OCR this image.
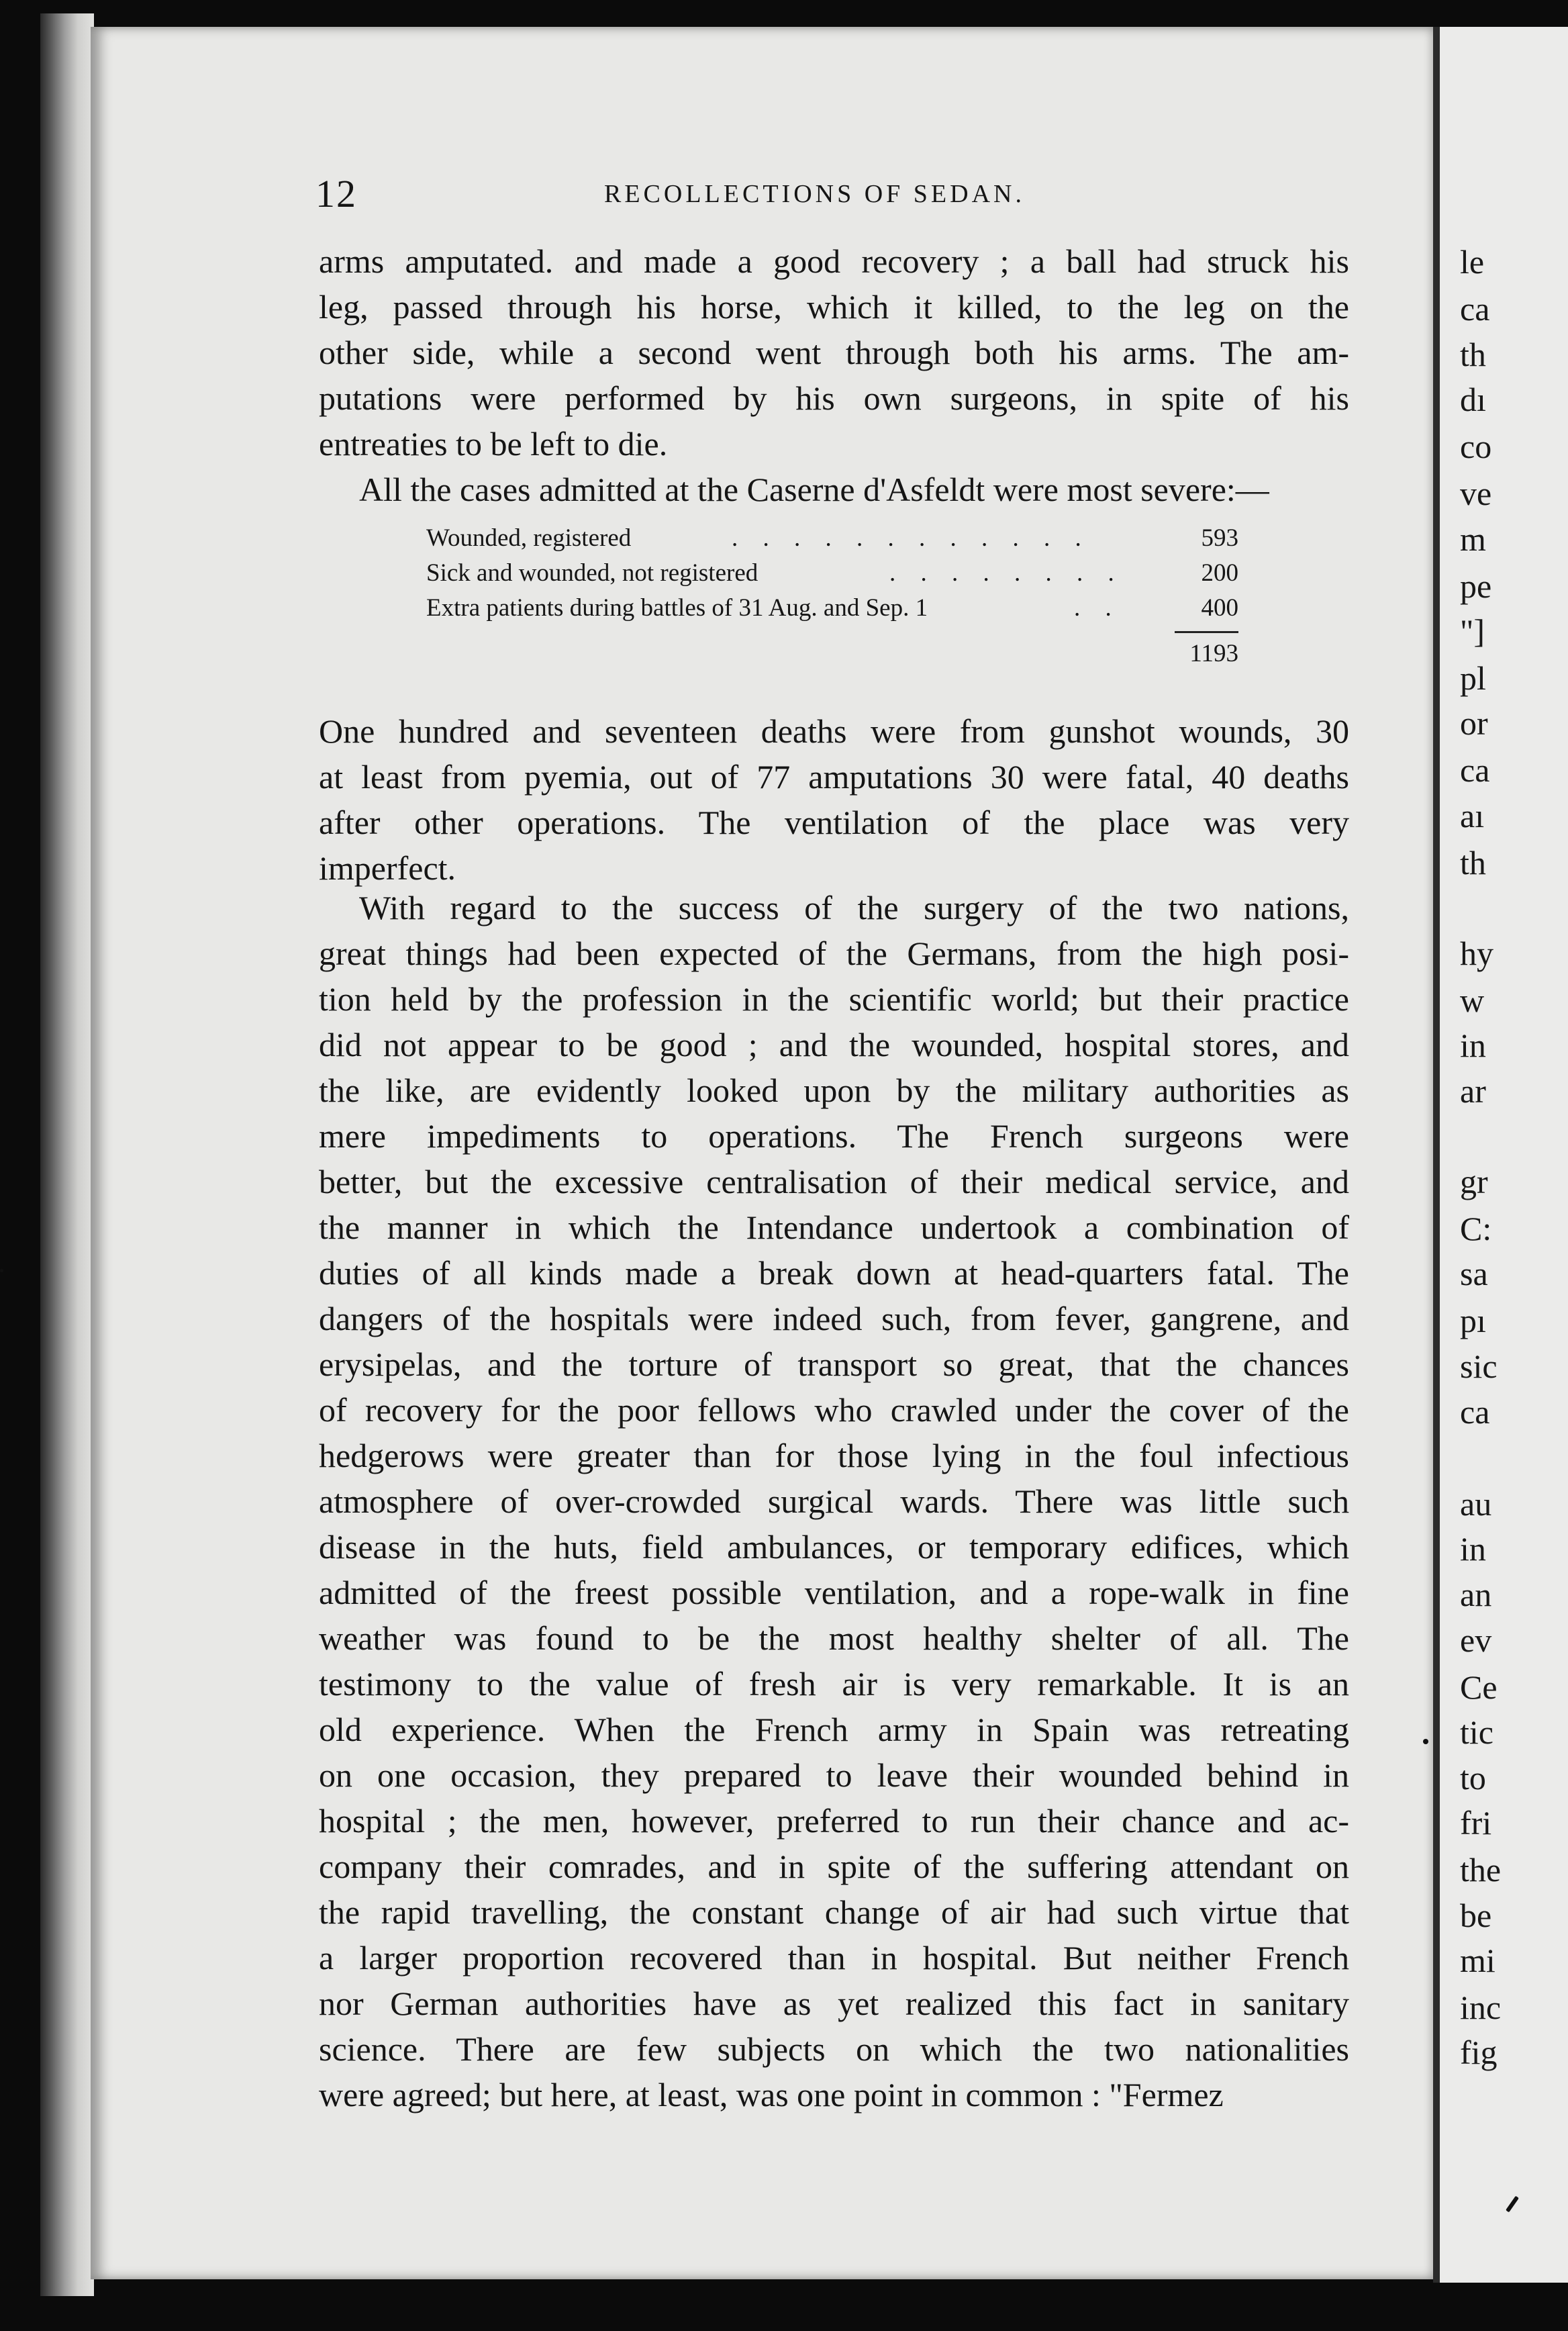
le
ca
th
dı
co
ve
m
pe
"]
pl
or
ca
aı
th
hy
w
in
ar
gr
C:
sa
pı
sic
ca
au
in
an
ev
Ce
tic
to
fri
the
be
mi
inc
fig
12	RECOLLECTIONS OF SEDAN.
arms amputated. and made a good recovery ; a ball had struck his
leg, passed through his horse, which it killed, to the leg on the
other side, while a second went through both his arms. The am-
putations were performed by his own surgeons, in spite of his
entreaties to be left to die.
All the cases admitted at the Caserne d'Asfeldt were most severe:—
Wounded, registered	. . . . . . . . . . . .	593
Sick and wounded, not registered	. . . . . . . .	200
Extra patients during battles of 31 Aug. and Sep. 1	. .	400
1193
One hundred and seventeen deaths were from gunshot wounds, 30
at least from pyemia, out of 77 amputations 30 were fatal, 40 deaths
after other operations. The ventilation of the place was very
imperfect.
With regard to the success of the surgery of the two nations,
great things had been expected of the Germans, from the high posi-
tion held by the profession in the scientific world; but their practice
did not appear to be good ; and the wounded, hospital stores, and
the like, are evidently looked upon by the military authorities as
mere impediments to operations. The French surgeons were
better, but the excessive centralisation of their medical service, and
the manner in which the Intendance undertook a combination of
duties of all kinds made a break down at head-quarters fatal. The
dangers of the hospitals were indeed such, from fever, gangrene, and
erysipelas, and the torture of transport so great, that the chances
of recovery for the poor fellows who crawled under the cover of the
hedgerows were greater than for those lying in the foul infectious
atmosphere of over-crowded surgical wards. There was little such
disease in the huts, field ambulances, or temporary edifices, which
admitted of the freest possible ventilation, and a rope-walk in fine
weather was found to be the most healthy shelter of all. The
testimony to the value of fresh air is very remarkable. It is an
old experience. When the French army in Spain was retreating
on one occasion, they prepared to leave their wounded behind in
hospital ; the men, however, preferred to run their chance and ac-
company their comrades, and in spite of the suffering attendant on
the rapid travelling, the constant change of air had such virtue that
a larger proportion recovered than in hospital. But neither French
nor German authorities have as yet realized this fact in sanitary
science. There are few subjects on which the two nationalities
were agreed; but here, at least, was one point in common : "Fermez
